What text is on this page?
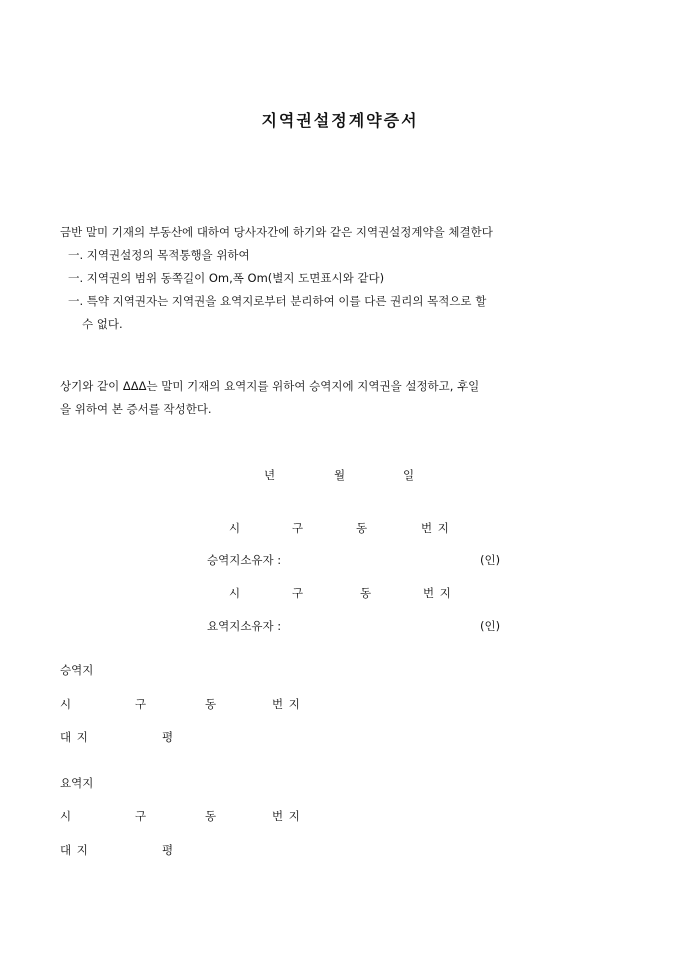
지역권설정계약증서
금반 말미 기재의 부동산에 대하여 당사자간에 하기와 같은 지역권설정계약을 체결한다
一. 지역권설정의 목적통행을 위하여
一. 지역권의 범위 동쪽길이 Om,폭 Om(별지 도면표시와 같다)
一. 특약 지역권자는 지역권을 요역지로부터 분리하여 이를 다른 권리의 목적으로 할
수 없다.
상기와 같이 ΔΔΔ는 말미 기재의 요역지를 위하여 승역지에 지역권을 설정하고, 후일
을 위하여 본 증서를 작성한다.
년	월	일
시	구	동	번 지
승역지소유자 :	(인)
시	구	동	번 지
요역지소유자 :	(인)
승역지
시	구	동	번 지
대 지	평
요역지
시	구	동	번 지
대 지	평
